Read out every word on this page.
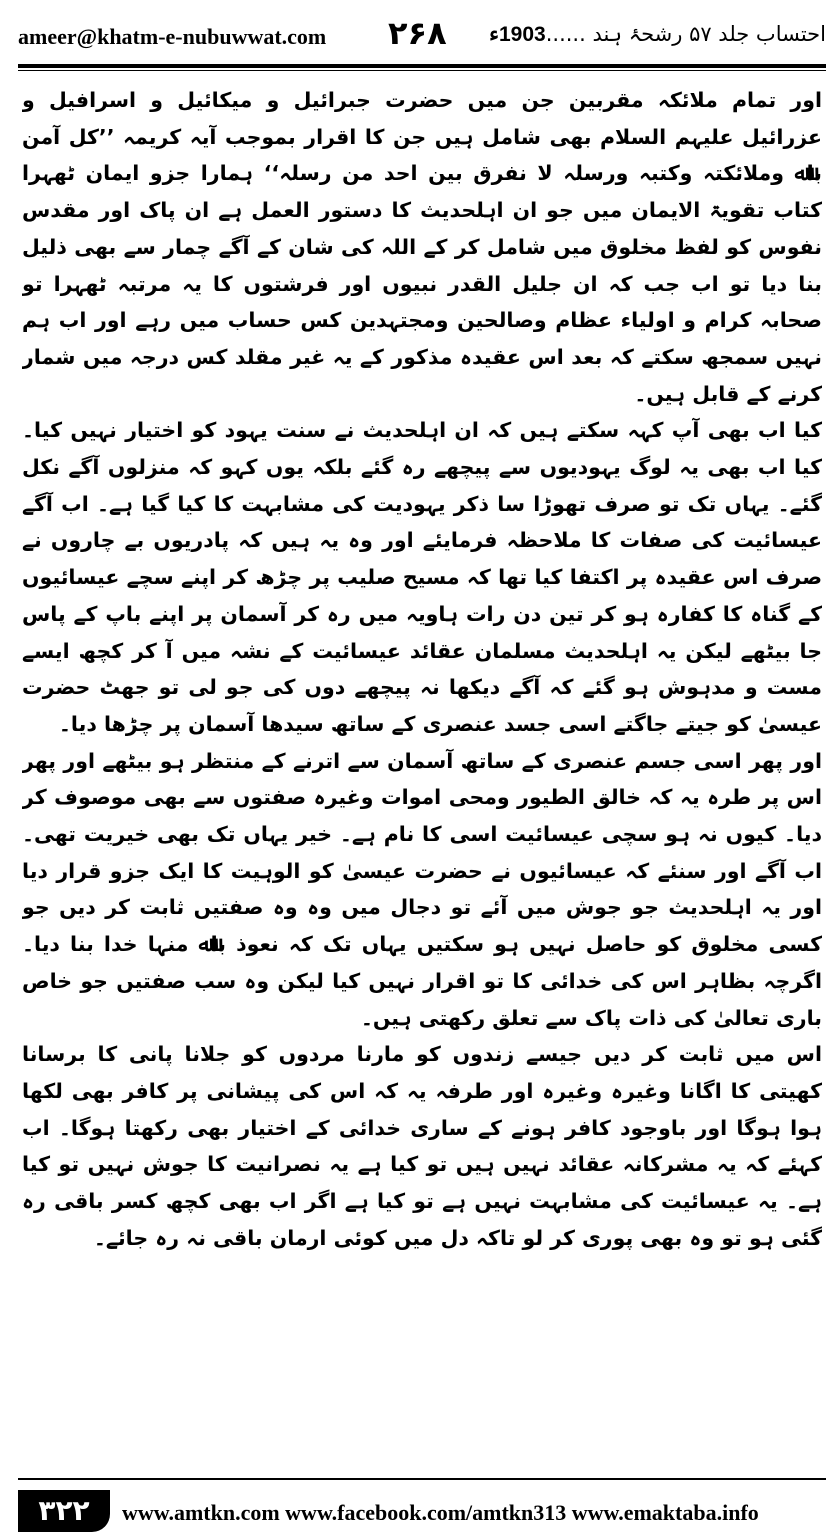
ameer@khatm-e-nubuwwat.com ۲۶۸	احتساب جلد ۵۷ رشحۂ ہند ......1903ء

اور تمام ملائکہ مقربین جن میں حضرت جبرائیل و میکائیل و اسرافیل و عزرائیل علیہم السلام بھی شامل ہیں جن کا اقرار بموجب آیہ کریمہ ’’کل آمن باﷲ وملائکتہ وکتبہ ورسلہ لا نفرق بین احد من رسلہ‘‘ ہمارا جزو ایمان ٹھہرا کتاب تقویۃ الایمان میں جو ان اہلحدیث کا دستور العمل ہے ان پاک اور مقدس نفوس کو لفظ مخلوق میں شامل کر کے اللہ کی شان کے آگے چمار سے بھی ذلیل بنا دیا تو اب جب کہ ان جلیل القدر نبیوں اور فرشتوں کا یہ مرتبہ ٹھہرا تو صحابہ کرام و اولیاء عظام وصالحین ومجتہدین کس حساب میں رہے اور اب ہم نہیں سمجھ سکتے کہ بعد اس عقیدہ مذکور کے یہ غیر مقلد کس درجہ میں شمار کرنے کے قابل ہیں۔

کیا اب بھی آپ کہہ سکتے ہیں کہ ان اہلحدیث نے سنت یہود کو اختیار نہیں کیا۔ کیا اب بھی یہ لوگ یہودیوں سے پیچھے رہ گئے بلکہ یوں کہو کہ منزلوں آگے نکل گئے۔ یہاں تک تو صرف تھوڑا سا ذکر یہودیت کی مشابہت کا کیا گیا ہے۔ اب آگے عیسائیت کی صفات کا ملاحظہ فرمایئے اور وہ یہ ہیں کہ پادریوں بے چاروں نے صرف اس عقیدہ پر اکتفا کیا تھا کہ مسیح صلیب پر چڑھ کر اپنے سچے عیسائیوں کے گناہ کا کفارہ ہو کر تین دن رات ہاویہ میں رہ کر آسمان پر اپنے باپ کے پاس جا بیٹھے لیکن یہ اہلحدیث مسلمان عقائد عیسائیت کے نشہ میں آ کر کچھ ایسے مست و مدہوش ہو گئے کہ آگے دیکھا نہ پیچھے دوں کی جو لی تو جھٹ حضرت عیسیٰ کو جیتے جاگتے اسی جسد عنصری کے ساتھ سیدھا آسمان پر چڑھا دیا۔

اور پھر اسی جسم عنصری کے ساتھ آسمان سے اترنے کے منتظر ہو بیٹھے اور پھر اس پر طرہ یہ کہ خالق الطیور ومحی اموات وغیرہ صفتوں سے بھی موصوف کر دیا۔ کیوں نہ ہو سچی عیسائیت اسی کا نام ہے۔ خیر یہاں تک بھی خیریت تھی۔ اب آگے اور سنئے کہ عیسائیوں نے حضرت عیسیٰ کو الوہیت کا ایک جزو قرار دیا اور یہ اہلحدیث جو جوش میں آئے تو دجال میں وہ وہ صفتیں ثابت کر دیں جو کسی مخلوق کو حاصل نہیں ہو سکتیں یہاں تک کہ نعوذ باﷲ منہا خدا بنا دیا۔ اگرچہ بظاہر اس کی خدائی کا تو اقرار نہیں کیا لیکن وہ سب صفتیں جو خاص باری تعالیٰ کی ذات پاک سے تعلق رکھتی ہیں۔

اس میں ثابت کر دیں جیسے زندوں کو مارنا مردوں کو جلانا پانی کا برسانا کھیتی کا اگانا وغیرہ وغیرہ اور طرفہ یہ کہ اس کی پیشانی پر کافر بھی لکھا ہوا ہوگا اور باوجود کافر ہونے کے ساری خدائی کے اختیار بھی رکھتا ہوگا۔ اب کہئے کہ یہ مشرکانہ عقائد نہیں ہیں تو کیا ہے یہ نصرانیت کا جوش نہیں تو کیا ہے۔ یہ عیسائیت کی مشابہت نہیں ہے تو کیا ہے اگر اب بھی کچھ کسر باقی رہ گئی ہو تو وہ بھی پوری کر لو تاکہ دل میں کوئی ارمان باقی نہ رہ جائے۔

۳۲۲	www.amtkn.com www.facebook.com/amtkn313 www.emaktaba.info
